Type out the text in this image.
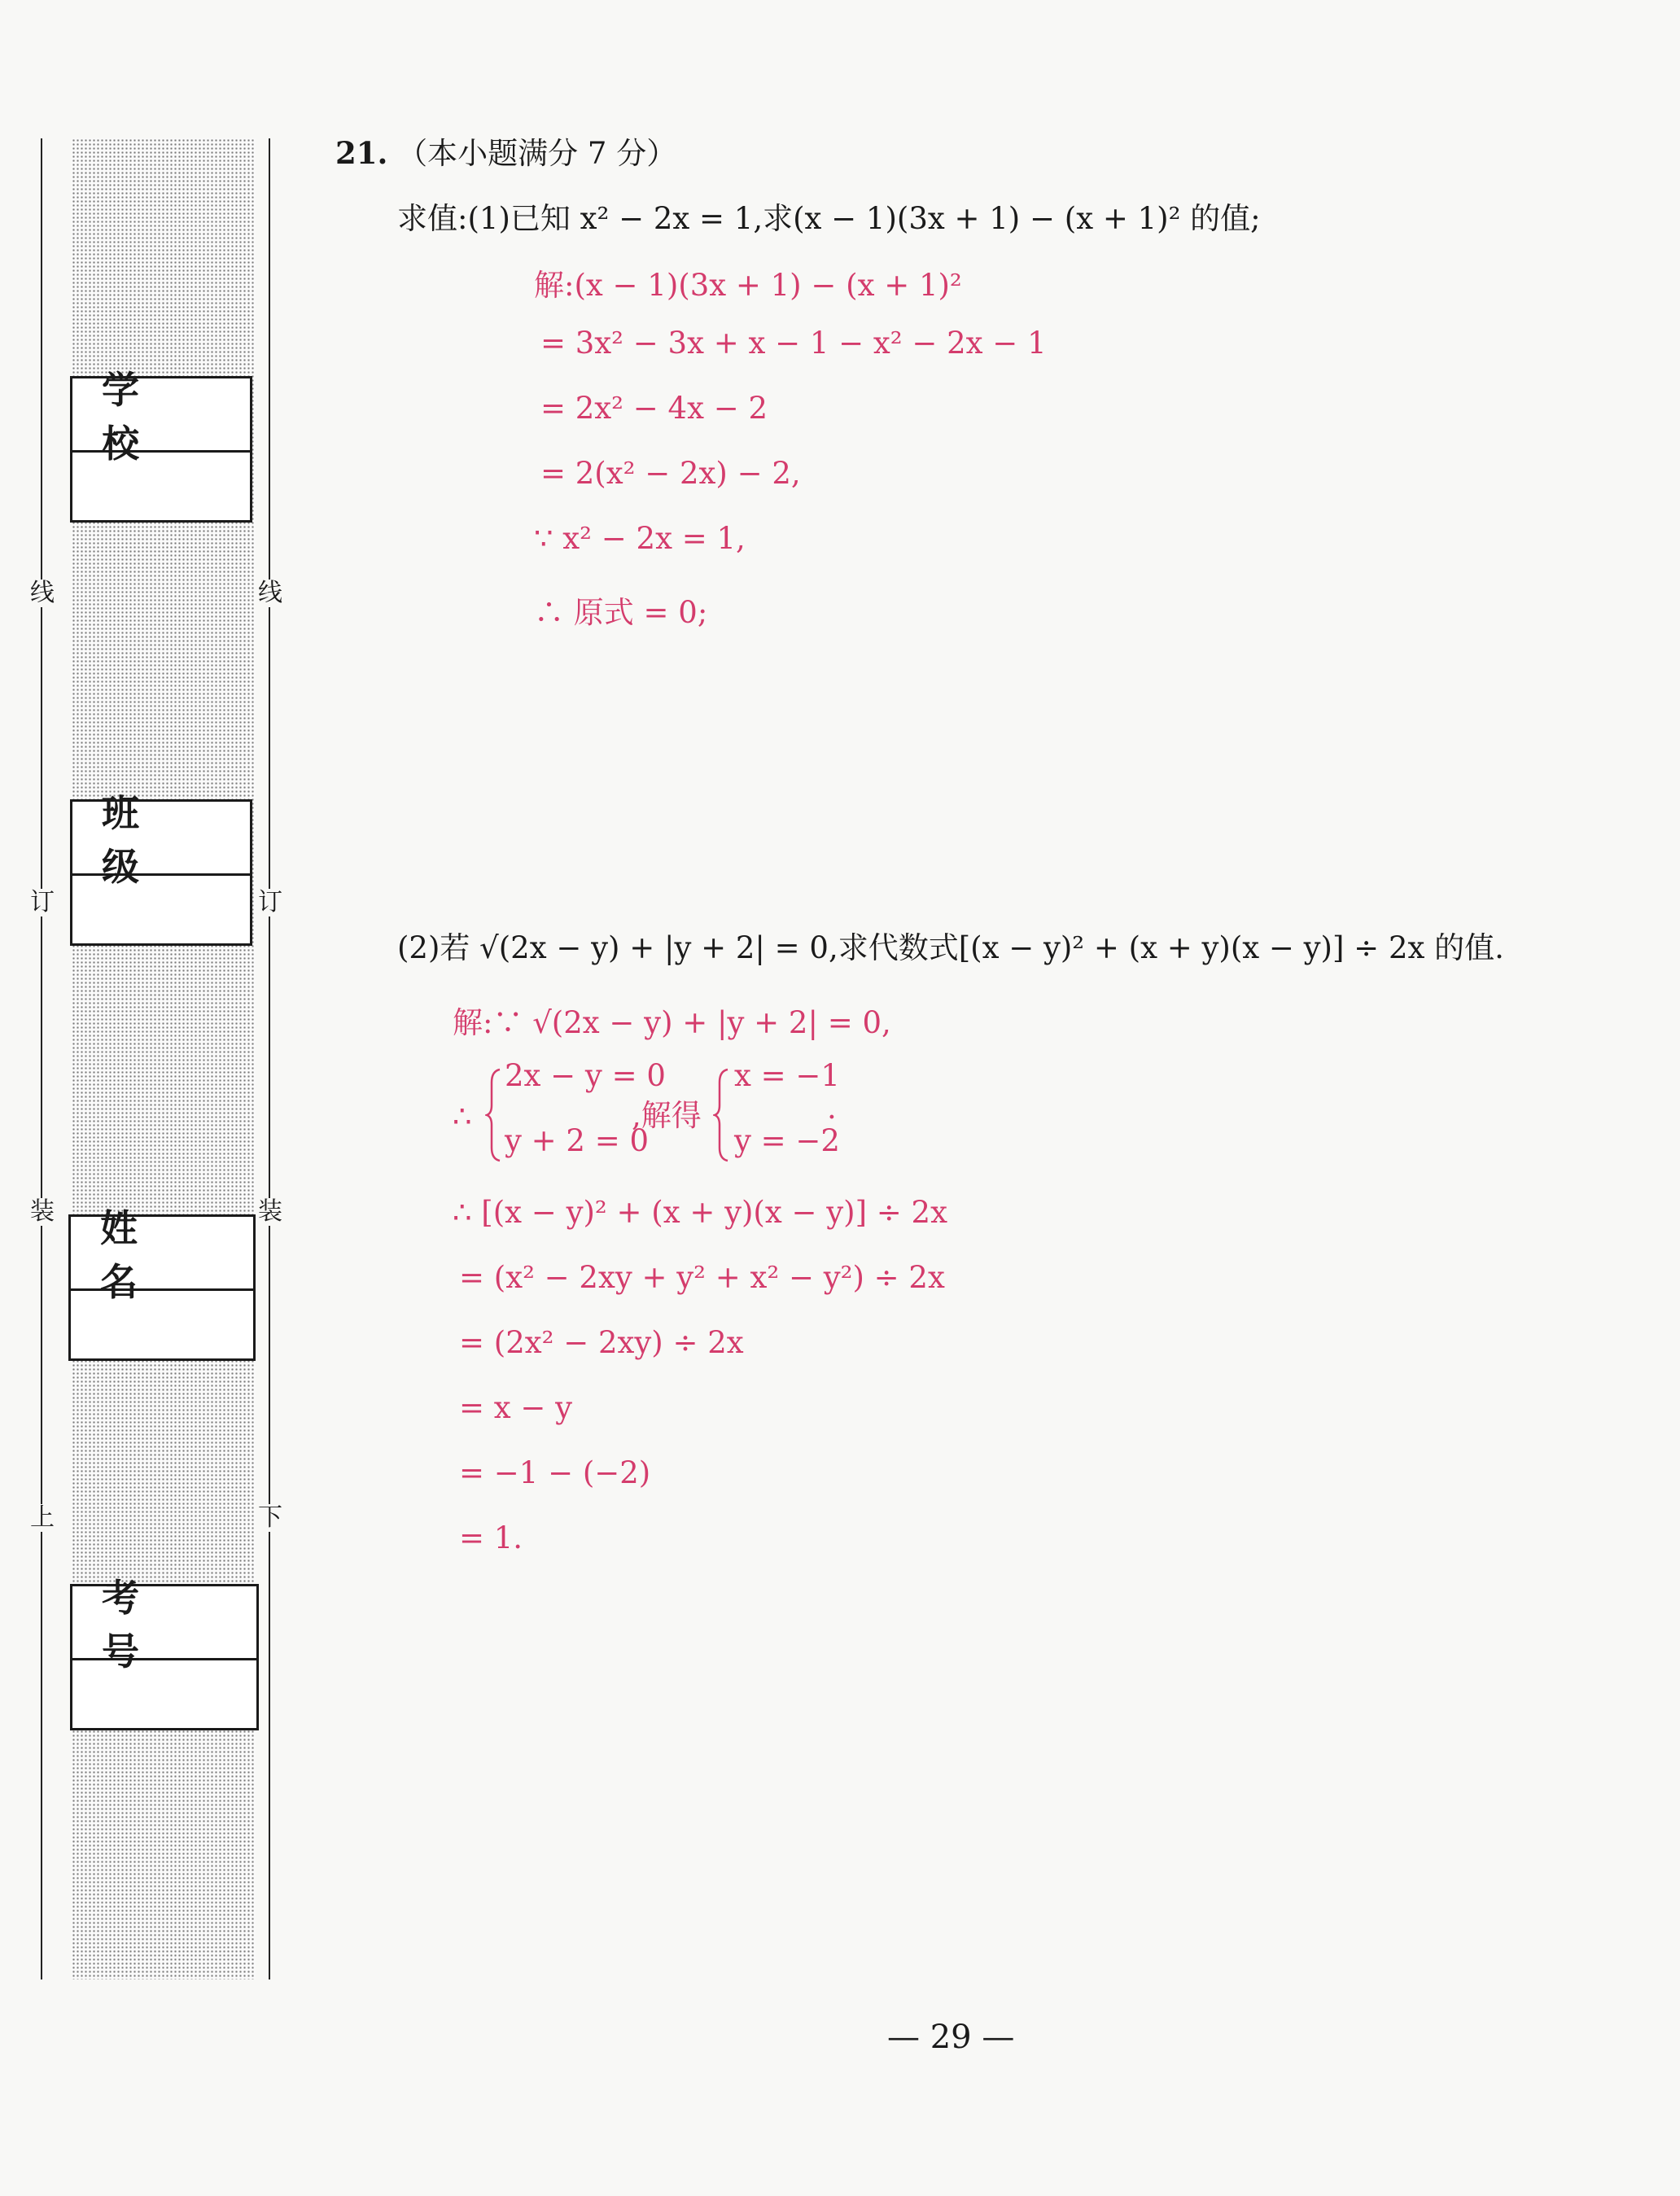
线
订
装
上
线
订
装
下
学 校
班 级
姓 名
考 号
21. （本小题满分 7 分）
求值:(1)已知 x² − 2x = 1,求(x − 1)(3x + 1) − (x + 1)² 的值;
解:(x − 1)(3x + 1) − (x + 1)²
= 3x² − 3x + x − 1 − x² − 2x − 1
= 2x² − 4x − 2
= 2(x² − 2x) − 2,
∵ x² − 2x = 1,
∴ 原式 = 0;
(2)若 √(2x − y) + |y + 2| = 0,求代数式[(x − y)² + (x + y)(x − y)] ÷ 2x 的值.
解:∵ √(2x − y) + |y + 2| = 0,
∴
2x − y = 0
y + 2 = 0
,解得
x = −1
y = −2
.
∴ [(x − y)² + (x + y)(x − y)] ÷ 2x
= (x² − 2xy + y² + x² − y²) ÷ 2x
= (2x² − 2xy) ÷ 2x
= x − y
= −1 − (−2)
= 1.
— 29 —
